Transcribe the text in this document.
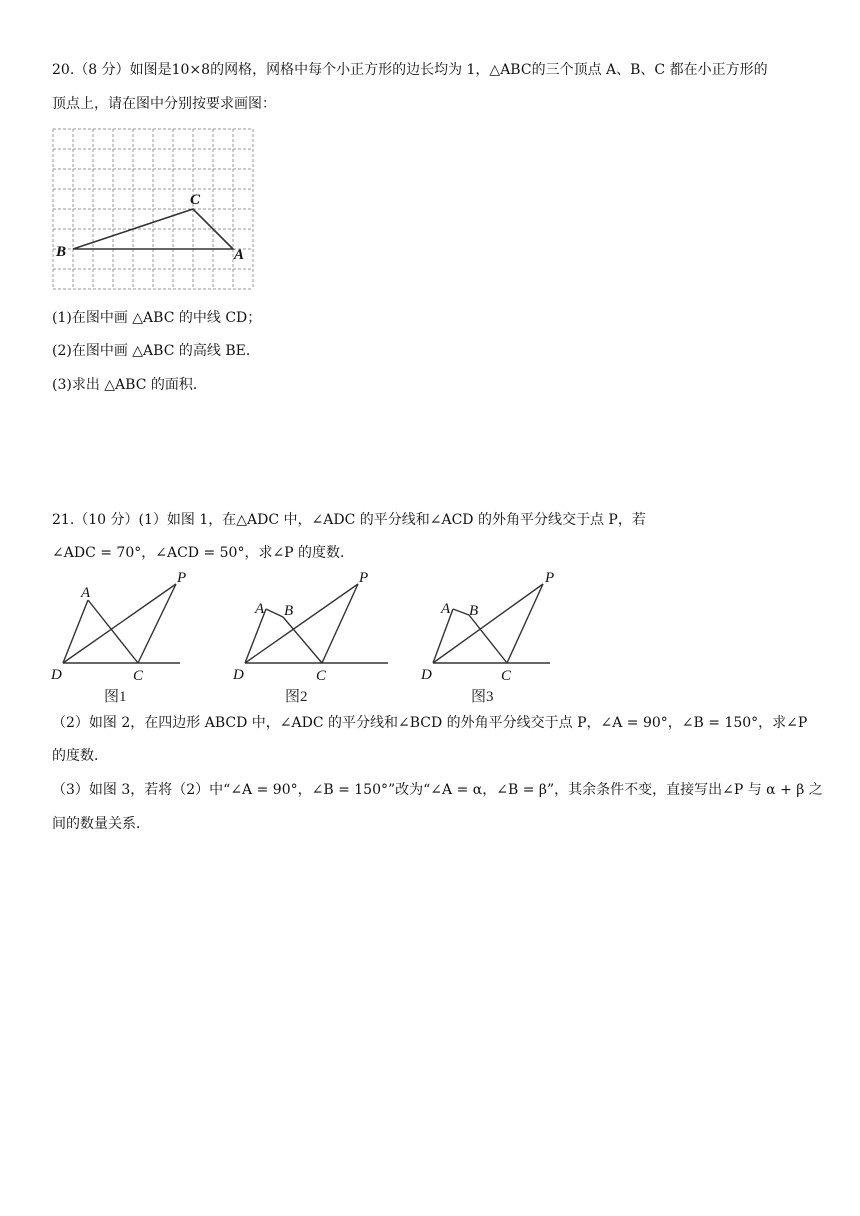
20.（8 分）如图是10×8的网格，网格中每个小正方形的边长均为 1，△ABC的三个顶点 A、B、C 都在小正方形的
顶点上，请在图中分别按要求画图：
C
B	A
(1)在图中画 △ABC 的中线 CD；
(2)在图中画 △ABC 的高线 BE．
(3)求出 △ABC 的面积．
21.（10 分）(1）如图 1，在△ADC 中，∠ADC 的平分线和∠ACD 的外角平分线交于点 P，若
∠ADC = 70°，∠ACD = 50°，求∠P 的度数．
A
P
D	C
图1
A B
P
D	C
图2
A B
P
D	C
图3
（2）如图 2，在四边形 ABCD 中，∠ADC 的平分线和∠BCD 的外角平分线交于点 P，∠A = 90°，∠B = 150°，求∠P
的度数．
（3）如图 3，若将（2）中“∠A = 90°，∠B = 150°”改为“∠A = α，∠B = β”，其余条件不变，直接写出∠P 与 α + β 之
间的数量关系．
